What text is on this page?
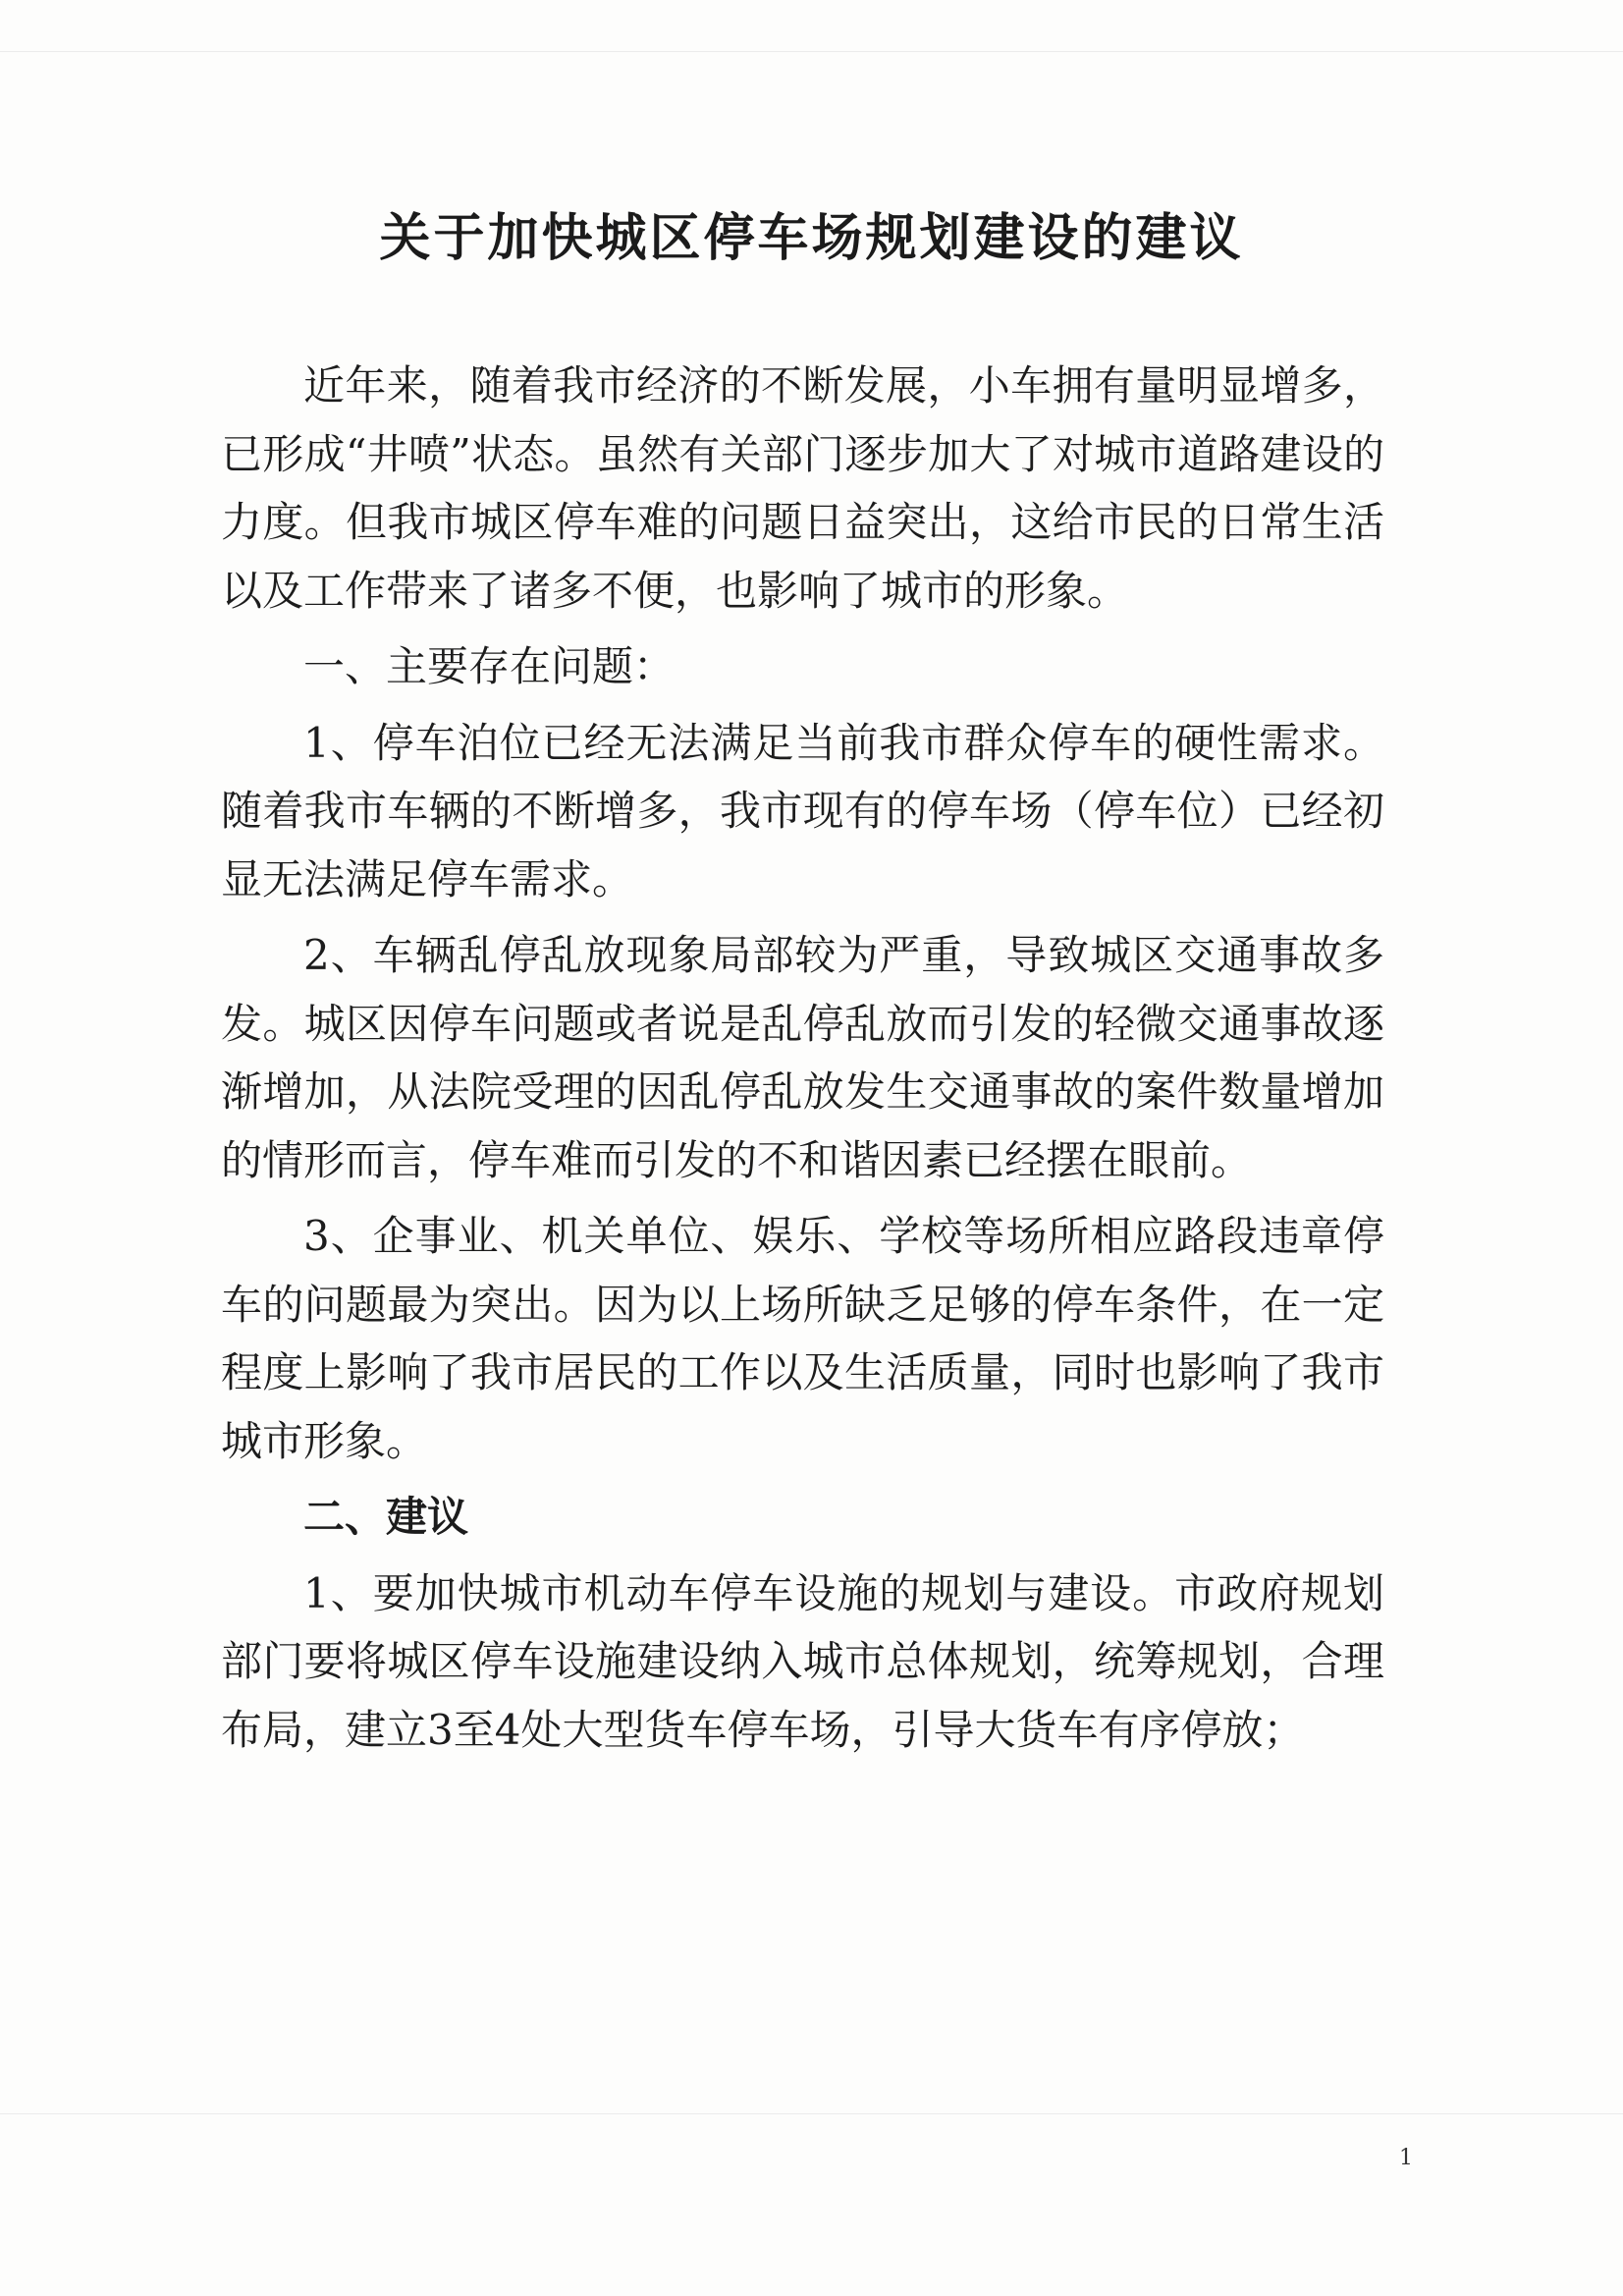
关于加快城区停车场规划建设的建议

近年来，随着我市经济的不断发展，小车拥有量明显增多，已形成“井喷”状态。虽然有关部门逐步加大了对城市道路建设的力度。但我市城区停车难的问题日益突出，这给市民的日常生活以及工作带来了诸多不便，也影响了城市的形象。

一、主要存在问题：

1、停车泊位已经无法满足当前我市群众停车的硬性需求。随着我市车辆的不断增多，我市现有的停车场（停车位）已经初显无法满足停车需求。

2、车辆乱停乱放现象局部较为严重，导致城区交通事故多发。城区因停车问题或者说是乱停乱放而引发的轻微交通事故逐渐增加，从法院受理的因乱停乱放发生交通事故的案件数量增加的情形而言，停车难而引发的不和谐因素已经摆在眼前。

3、企事业、机关单位、娱乐、学校等场所相应路段违章停车的问题最为突出。因为以上场所缺乏足够的停车条件，在一定程度上影响了我市居民的工作以及生活质量，同时也影响了我市城市形象。

二、建议

1、要加快城市机动车停车设施的规划与建设。市政府规划部门要将城区停车设施建设纳入城市总体规划，统筹规划，合理布局，建立3至4处大型货车停车场，引导大货车有序停放；

1
